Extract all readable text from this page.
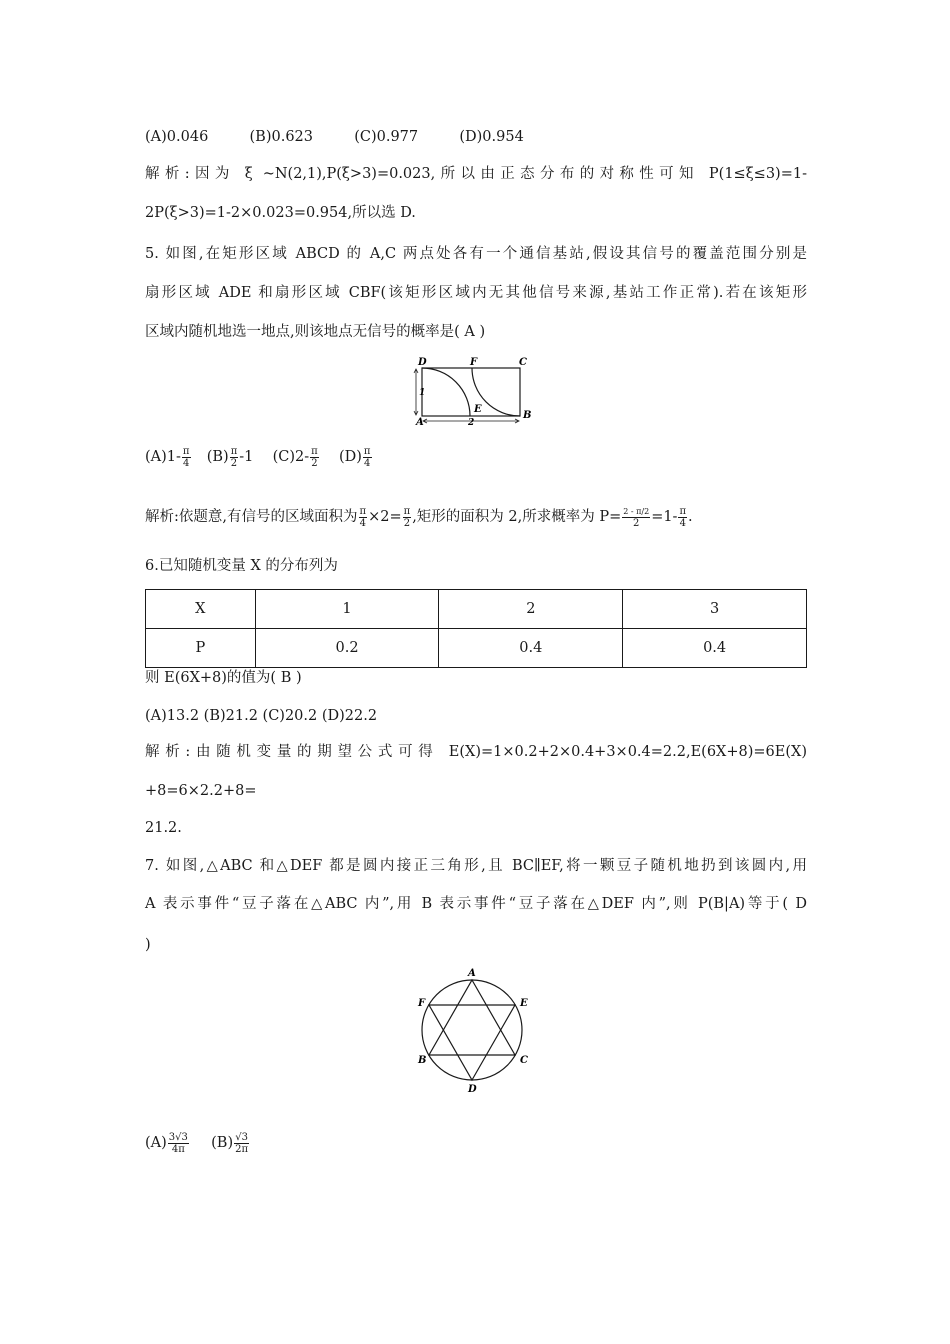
(A)0.046	(B)0.623	(C)0.977	(D)0.954
解析:因为 ξ ~N(2,1),P(ξ>3)=0.023,所以由正态分布的对称性可知 P(1≤ξ≤3)=1-
2P(ξ>3)=1-2×0.023=0.954,所以选 D.
5. 如图,在矩形区域 ABCD 的 A,C 两点处各有一个通信基站,假设其信号的覆盖范围分别是
扇形区域 ADE 和扇形区域 CBF(该矩形区域内无其他信号来源,基站工作正常).若在该矩形
区域内随机地选一地点,则该地点无信号的概率是( A )
D	F	C
1
E
A	2
B
$(A)1- \frac{\pi}{4} (B) \frac{\pi}{2} -1$ $(C)2- \frac{\pi}{2} (D) \frac{\pi}{4}$
解析:依题意,有信号的区域面积为 $\frac{\pi}{4} \times 2= \frac{\pi}{2}$ ,矩形的面积为 2,所求概率为 $P= \frac{2 - \pi/2}{2} =1- \frac{\pi}{4}$ .
6.已知随机变量 X 的分布列为
X	1	2	3
P	0.2	0.4	0.4
则 E(6X+8)的值为( B )
(A)13.2 (B)21.2 (C)20.2 (D)22.2
解析:由随机变量的期望公式可得 E(X)=1×0.2+2×0.4+3×0.4=2.2,E(6X+8)=6E(X)
+8=6×2.2+8=
21.2.
7. 如图,△ABC 和△DEF 都是圆内接正三角形,且 BC∥EF,将一颗豆子随机地扔到该圆内,用
A 表示事件“豆子落在△ABC 内”,用 B 表示事件“豆子落在△DEF 内”,则 P(B|A)等于( D
)
A
E
F
B	C
D
$(A) \frac{3√3}{4\pi} (B) \frac{√3}{2\pi}$
